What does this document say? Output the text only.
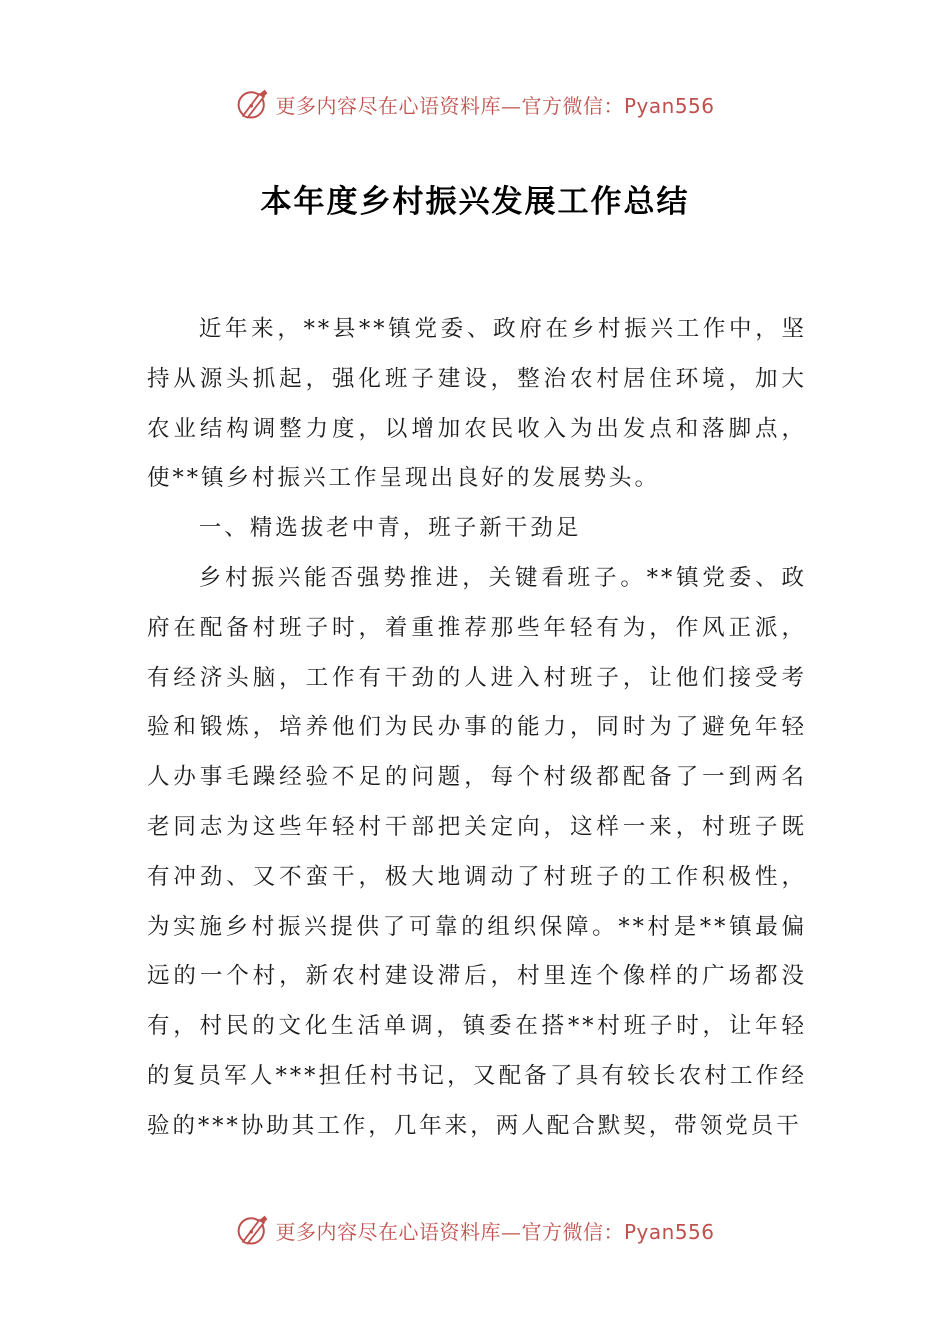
更多内容尽在心语资料库—官方微信：Pyan556
本年度乡村振兴发展工作总结

近年来，**县**镇党委、政府在乡村振兴工作中，坚持从源头抓起，强化班子建设，整治农村居住环境，加大农业结构调整力度，以增加农民收入为出发点和落脚点，使**镇乡村振兴工作呈现出良好的发展势头。

一、精选拔老中青，班子新干劲足

乡村振兴能否强势推进，关键看班子。**镇党委、政府在配备村班子时，着重推荐那些年轻有为，作风正派，有经济头脑，工作有干劲的人进入村班子，让他们接受考验和锻炼，培养他们为民办事的能力，同时为了避免年轻人办事毛躁经验不足的问题，每个村级都配备了一到两名老同志为这些年轻村干部把关定向，这样一来，村班子既有冲劲、又不蛮干，极大地调动了村班子的工作积极性，为实施乡村振兴提供了可靠的组织保障。**村是**镇最偏远的一个村，新农村建设滞后，村里连个像样的广场都没有，村民的文化生活单调，镇委在搭**村班子时，让年轻的复员军人***担任村书记，又配备了具有较长农村工作经验的***协助其工作，几年来，两人配合默契，带领党员干

更多内容尽在心语资料库—官方微信：Pyan556
